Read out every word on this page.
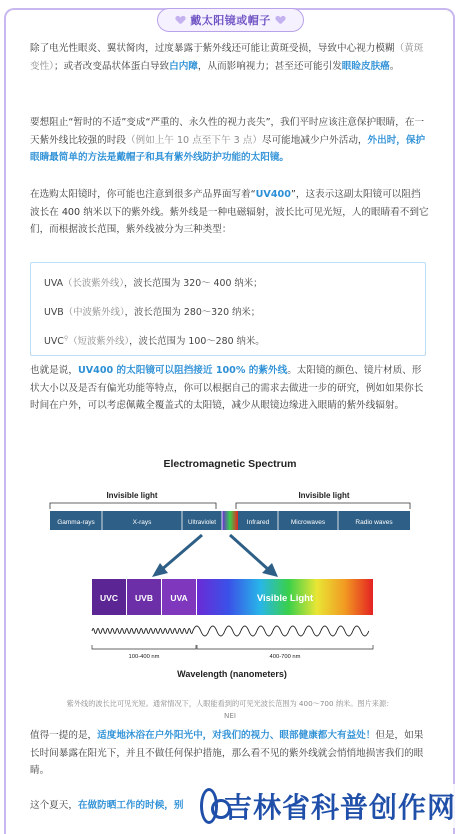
戴太阳镜或帽子
除了电光性眼炎、翼状胬肉，过度暴露于紫外线还可能让黄斑受损，导致中心视力模糊（黄斑变性）；或者改变晶状体蛋白导致白内障，从而影响视力；甚至还可能引发眼睑皮肤癌。
要想阻止“暂时的不适”变成“严重的、永久性的视力丧失”，我们平时应该注意保护眼睛，在一天紫外线比较强的时段（例如上午 10 点至下午 3 点）尽可能地减少户外活动，外出时，保护眼睛最简单的方法是戴帽子和具有紫外线防护功能的太阳镜。
在选购太阳镜时，你可能也注意到很多产品界面写着“UV400”，这表示这副太阳镜可以阻挡波长在 400 纳米以下的紫外线。紫外线是一种电磁辐射，波长比可见光短，人的眼睛看不到它们，而根据波长范围，紫外线被分为三种类型：
UVA（长波紫外线），波长范围为 320～ 400 纳米；
UVB（中波紫外线），波长范围为 280～320 纳米；
UVC⚲（短波紫外线），波长范围为 100～280 纳米。
也就是说，UV400 的太阳镜可以阻挡接近 100% 的紫外线。太阳镜的颜色、镜片材质、形状大小以及是否有偏光功能等特点，你可以根据自己的需求去做进一步的研究，例如如果你长时间在户外，可以考虑佩戴全覆盖式的太阳镜，减少从眼镜边缘进入眼睛的紫外线辐射。
Electromagnetic Spectrum
Invisible light	Invisible light
Gamma-rays	X-rays	Ultraviolet	Infrared	Microwaves	Radio waves
UVC UVB UVA	Visible Light
100-400 nm	400-700 nm
Wavelength (nanometers)
紫外线的波长比可见光短。通常情况下，人眼能看到的可见光波长范围为 400～700 纳米。图片来源：
NEI
值得一提的是，适度地沐浴在户外阳光中，对我们的视力、眼部健康都大有益处！但是，如果长时间暴露在阳光下，并且不做任何保护措施，那么看不见的紫外线就会悄悄地损害我们的眼睛。
这个夏天，在做防晒工作的时候，别	吉林省科普创作网
